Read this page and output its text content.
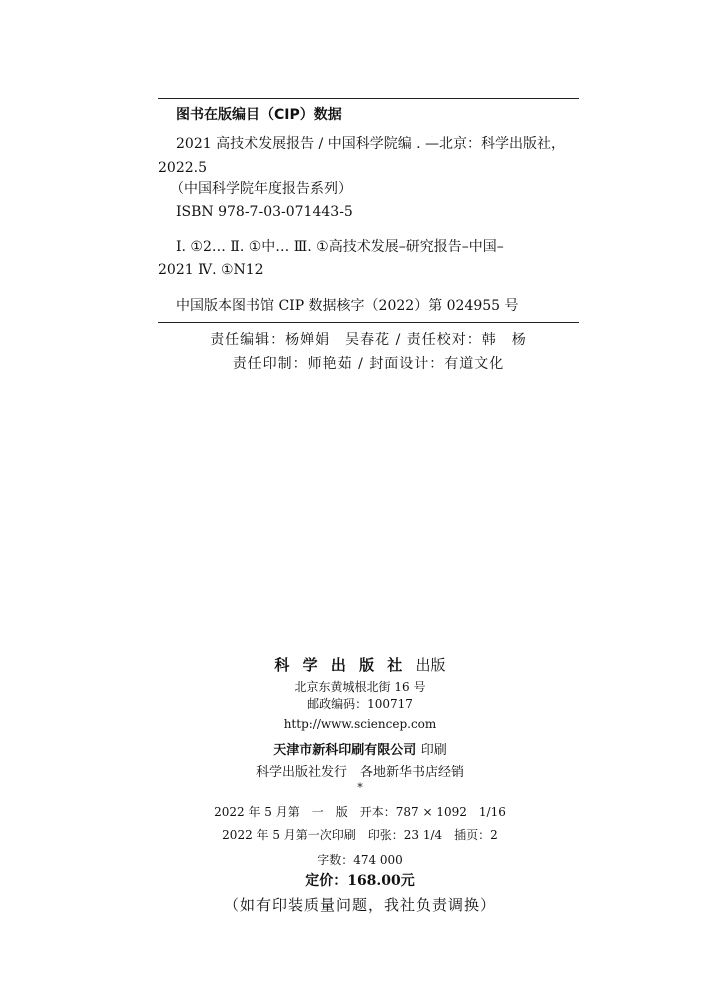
图书在版编目（CIP）数据
2021 高技术发展报告 / 中国科学院编 . —北京：科学出版社，
2022.5
（中国科学院年度报告系列）
ISBN 978-7-03-071443-5
Ⅰ. ①2… Ⅱ. ①中… Ⅲ. ①高技术发展–研究报告–中国–
2021 Ⅳ. ①N12
中国版本图书馆 CIP 数据核字（2022）第 024955 号
责任编辑：杨婵娟　吴春花 / 责任校对：韩　杨
责任印制：师艳茹 / 封面设计：有道文化
科 学 出 版 社 出版
北京东黄城根北街 16 号
邮政编码：100717
http://www.sciencep.com
天津市新科印刷有限公司 印刷
科学出版社发行　各地新华书店经销
*
2022 年 5 月第　一　版　开本：787 × 1092　1/16
2022 年 5 月第一次印刷　印张：23 1/4　插页：2
字数：474 000
定价：168.00元
（如有印装质量问题，我社负责调换）
